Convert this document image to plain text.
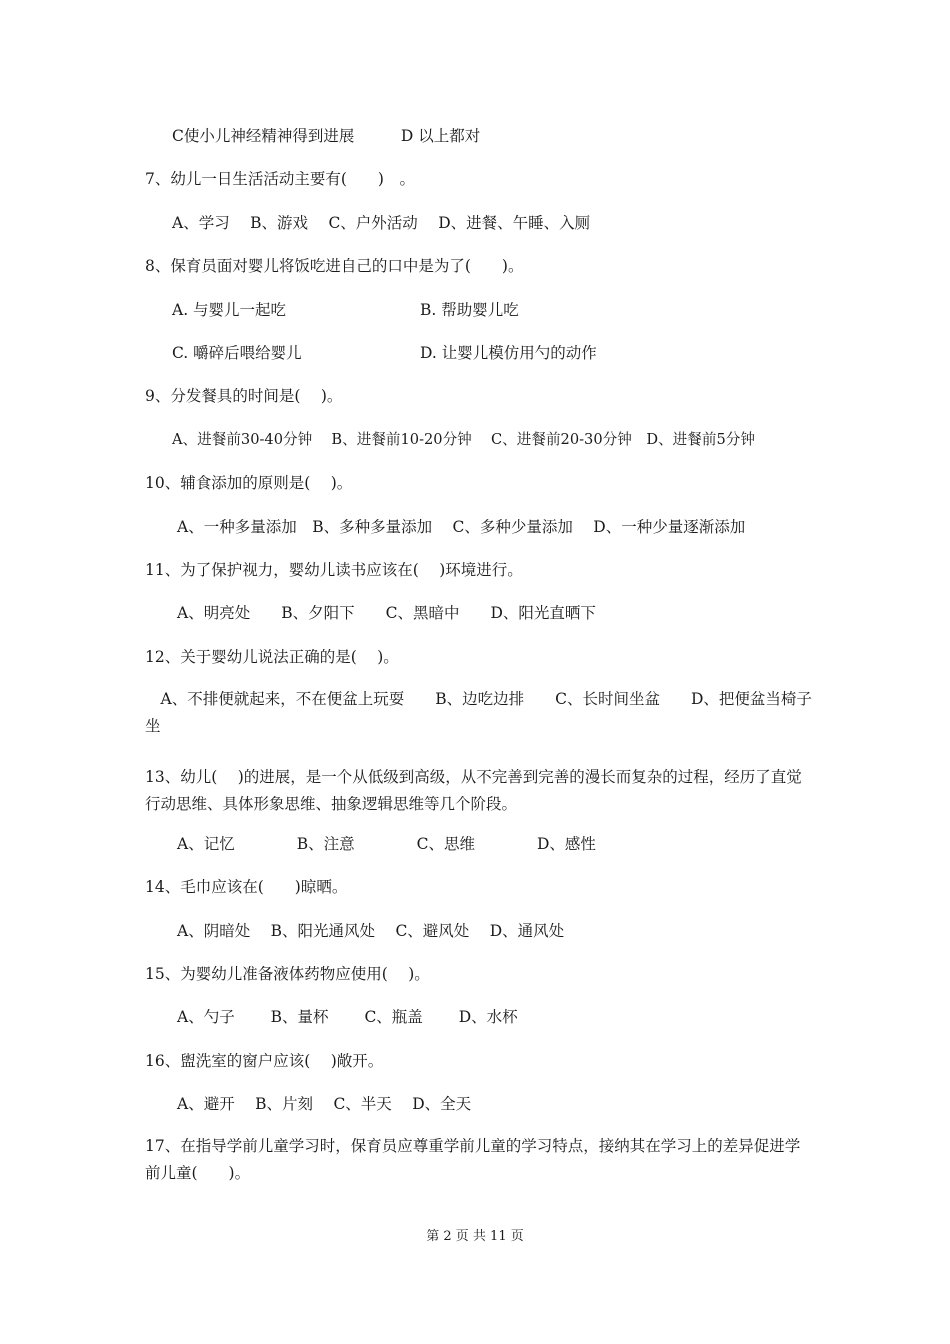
C使小儿神经精神得到进展　　　D 以上都对
7、幼儿一日生活活动主要有(　　)　。
A、学习　 B、游戏　 C、户外活动　 D、进餐、午睡、入厕
8、保育员面对婴儿将饭吃进自己的口中是为了(　　)。
A. 与婴儿一起吃	B. 帮助婴儿吃
C. 嚼碎后喂给婴儿	D. 让婴儿模仿用勺的动作
9、分发餐具的时间是(　 )。
A、进餐前30-40分钟　 B、进餐前10-20分钟　 C、进餐前20-30分钟　D、进餐前5分钟
10、辅食添加的原则是(　 )。
A、一种多量添加　B、多种多量添加　 C、多种少量添加　 D、一种少量逐渐添加
11、为了保护视力，婴幼儿读书应该在(　 )环境进行。
A、明亮处　　B、夕阳下　　C、黑暗中　　D、阳光直晒下
12、关于婴幼儿说法正确的是(　 )。
　A、不排便就起来，不在便盆上玩耍　　B、边吃边排　　C、长时间坐盆　　D、把便盆当椅子坐
13、幼儿(　 )的进展，是一个从低级到高级，从不完善到完善的漫长而复杂的过程，经历了直觉行动思维、具体形象思维、抽象逻辑思维等几个阶段。
A、记忆　　　　B、注意　　　　C、思维　　　　D、感性
14、毛巾应该在(　　)晾晒。
A、阴暗处　 B、阳光通风处　 C、避风处　 D、通风处
15、为婴幼儿准备液体药物应使用(　 )。
A、勺子　　 B、量杯　　 C、瓶盖　　 D、水杯
16、盥洗室的窗户应该(　 )敞开。
A、避开　 B、片刻　 C、半天　 D、全天
17、在指导学前儿童学习时，保育员应尊重学前儿童的学习特点，接纳其在学习上的差异促进学前儿童(　　)。
第 2 页 共 11 页
